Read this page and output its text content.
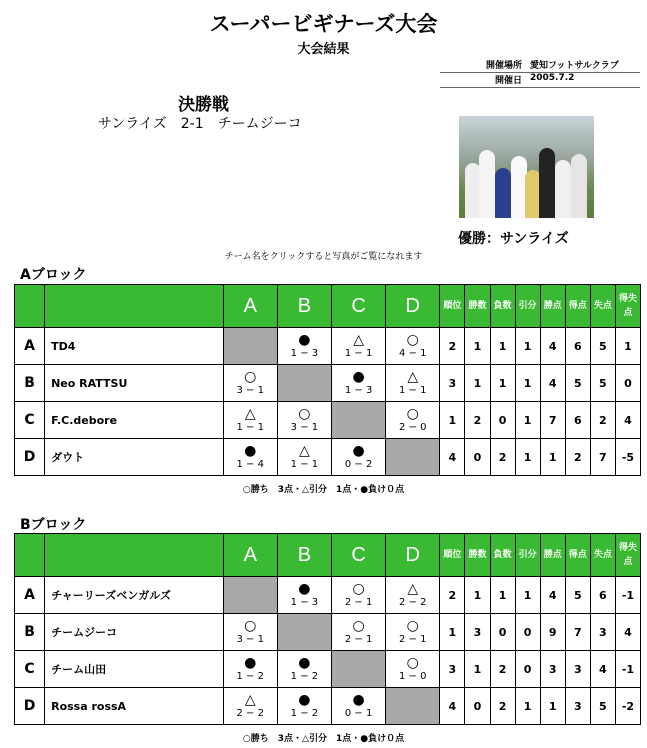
スーパービギナーズ大会
大会結果
開催場所 愛知フットサルクラブ
開催日 2005.7.2
決勝戦
サンライズ　2-1　チームジーコ
優勝：サンライズ
チーム名をクリックすると写真がご覧になれます
Aブロック
		A	B	C	D	順位	勝数	負数	引分	勝点	得点	失点	得失点
A	TD4		●
1 − 3	△
1 − 1	○
4 − 1	2	1	1	1	4	6	5	1
B	Neo RATTSU	○
3 − 1		●
1 − 3	△
1 − 1	3	1	1	1	4	5	5	0
C	F.C.debore	△
1 − 1	○
3 − 1		○
2 − 0	1	2	0	1	7	6	2	4
D	ダウト	●
1 − 4	△
1 − 1	●
0 − 2		4	0	2	1	1	2	7	-5
○勝ち　3点・△引分　1点・●負け０点
Bブロック
		A	B	C	D	順位	勝数	負数	引分	勝点	得点	失点	得失点
A	チャーリーズベンガルズ		●
1 − 3	○
2 − 1	△
2 − 2	2	1	1	1	4	5	6	-1
B	チームジーコ	○
3 − 1		○
2 − 1	○
2 − 1	1	3	0	0	9	7	3	4
C	チーム山田	●
1 − 2	●
1 − 2		○
1 − 0	3	1	2	0	3	3	4	-1
D	Rossa rossA	△
2 − 2	●
1 − 2	●
0 − 1		4	0	2	1	1	3	5	-2
○勝ち　3点・△引分　1点・●負け０点
